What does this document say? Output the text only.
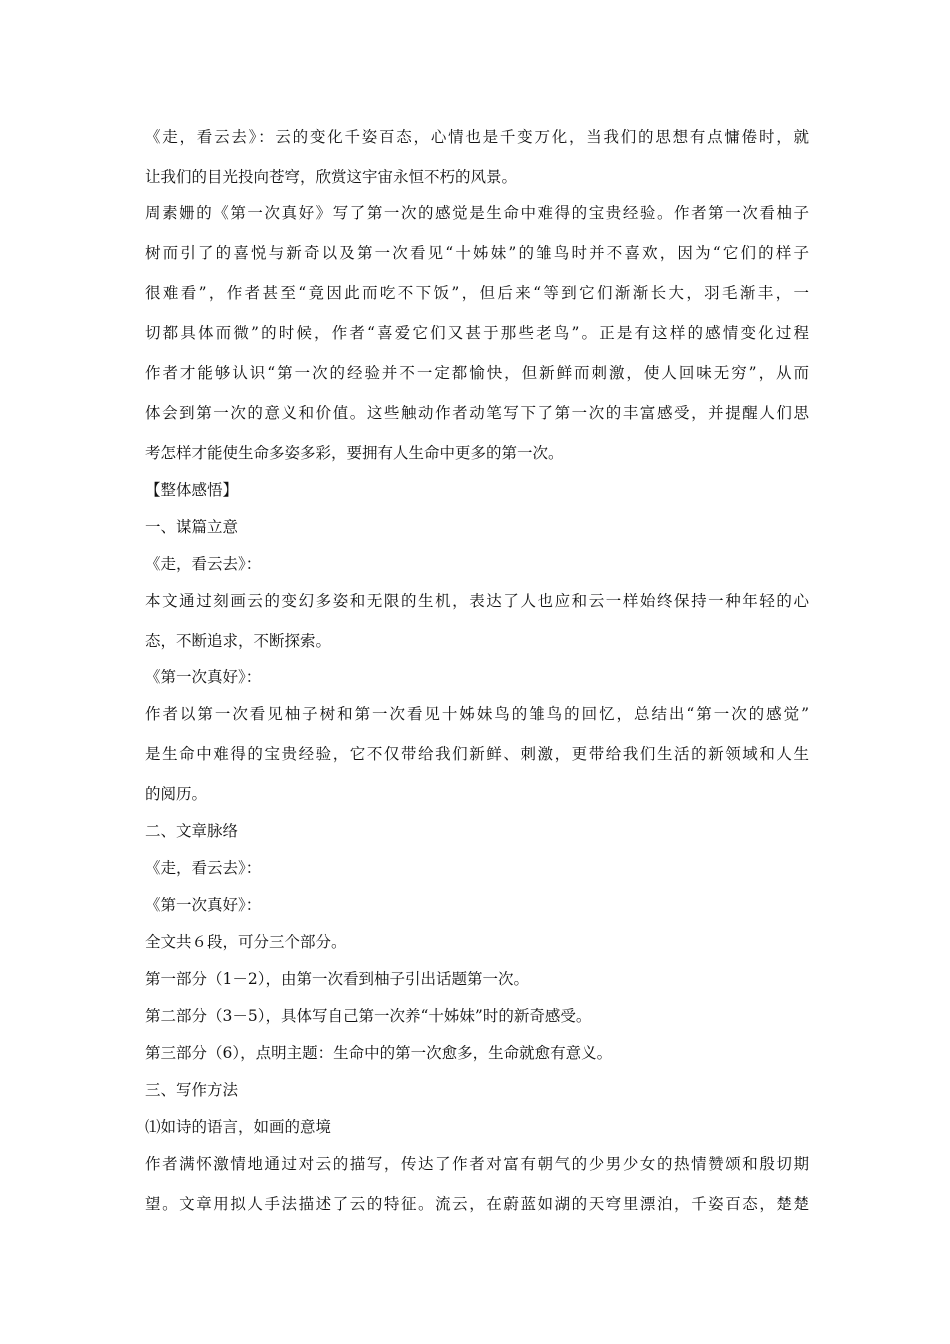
《走，看云去》：云的变化千姿百态，心情也是千变万化，当我们的思想有点慵倦时，就
让我们的目光投向苍穹，欣赏这宇宙永恒不朽的风景。
周素姗的《第一次真好》写了第一次的感觉是生命中难得的宝贵经验。作者第一次看柚子
树而引了的喜悦与新奇以及第一次看见“十姊妹”的雏鸟时并不喜欢，因为“它们的样子
很难看”，作者甚至“竟因此而吃不下饭”，但后来“等到它们渐渐长大，羽毛渐丰，一
切都具体而微”的时候，作者“喜爱它们又甚于那些老鸟”。正是有这样的感情变化过程
作者才能够认识“第一次的经验并不一定都愉快，但新鲜而刺激，使人回味无穷”，从而
体会到第一次的意义和价值。这些触动作者动笔写下了第一次的丰富感受，并提醒人们思
考怎样才能使生命多姿多彩，要拥有人生命中更多的第一次。
【整体感悟】
一、谋篇立意
《走，看云去》：
本文通过刻画云的变幻多姿和无限的生机，表达了人也应和云一样始终保持一种年轻的心
态，不断追求，不断探索。
《第一次真好》：
作者以第一次看见柚子树和第一次看见十姊妹鸟的雏鸟的回忆，总结出“第一次的感觉”
是生命中难得的宝贵经验，它不仅带给我们新鲜、刺激，更带给我们生活的新领域和人生
的阅历。
二、文章脉络
《走，看云去》：
《第一次真好》：
全文共６段，可分三个部分。
第一部分（1－2），由第一次看到柚子引出话题第一次。
第二部分（3－5），具体写自己第一次养“十姊妹”时的新奇感受。
第三部分（6），点明主题：生命中的第一次愈多，生命就愈有意义。
三、写作方法
⑴如诗的语言，如画的意境
作者满怀激情地通过对云的描写，传达了作者对富有朝气的少男少女的热情赞颂和殷切期
望。文章用拟人手法描述了云的特征。流云，在蔚蓝如湖的天穹里漂泊，千姿百态，楚楚
